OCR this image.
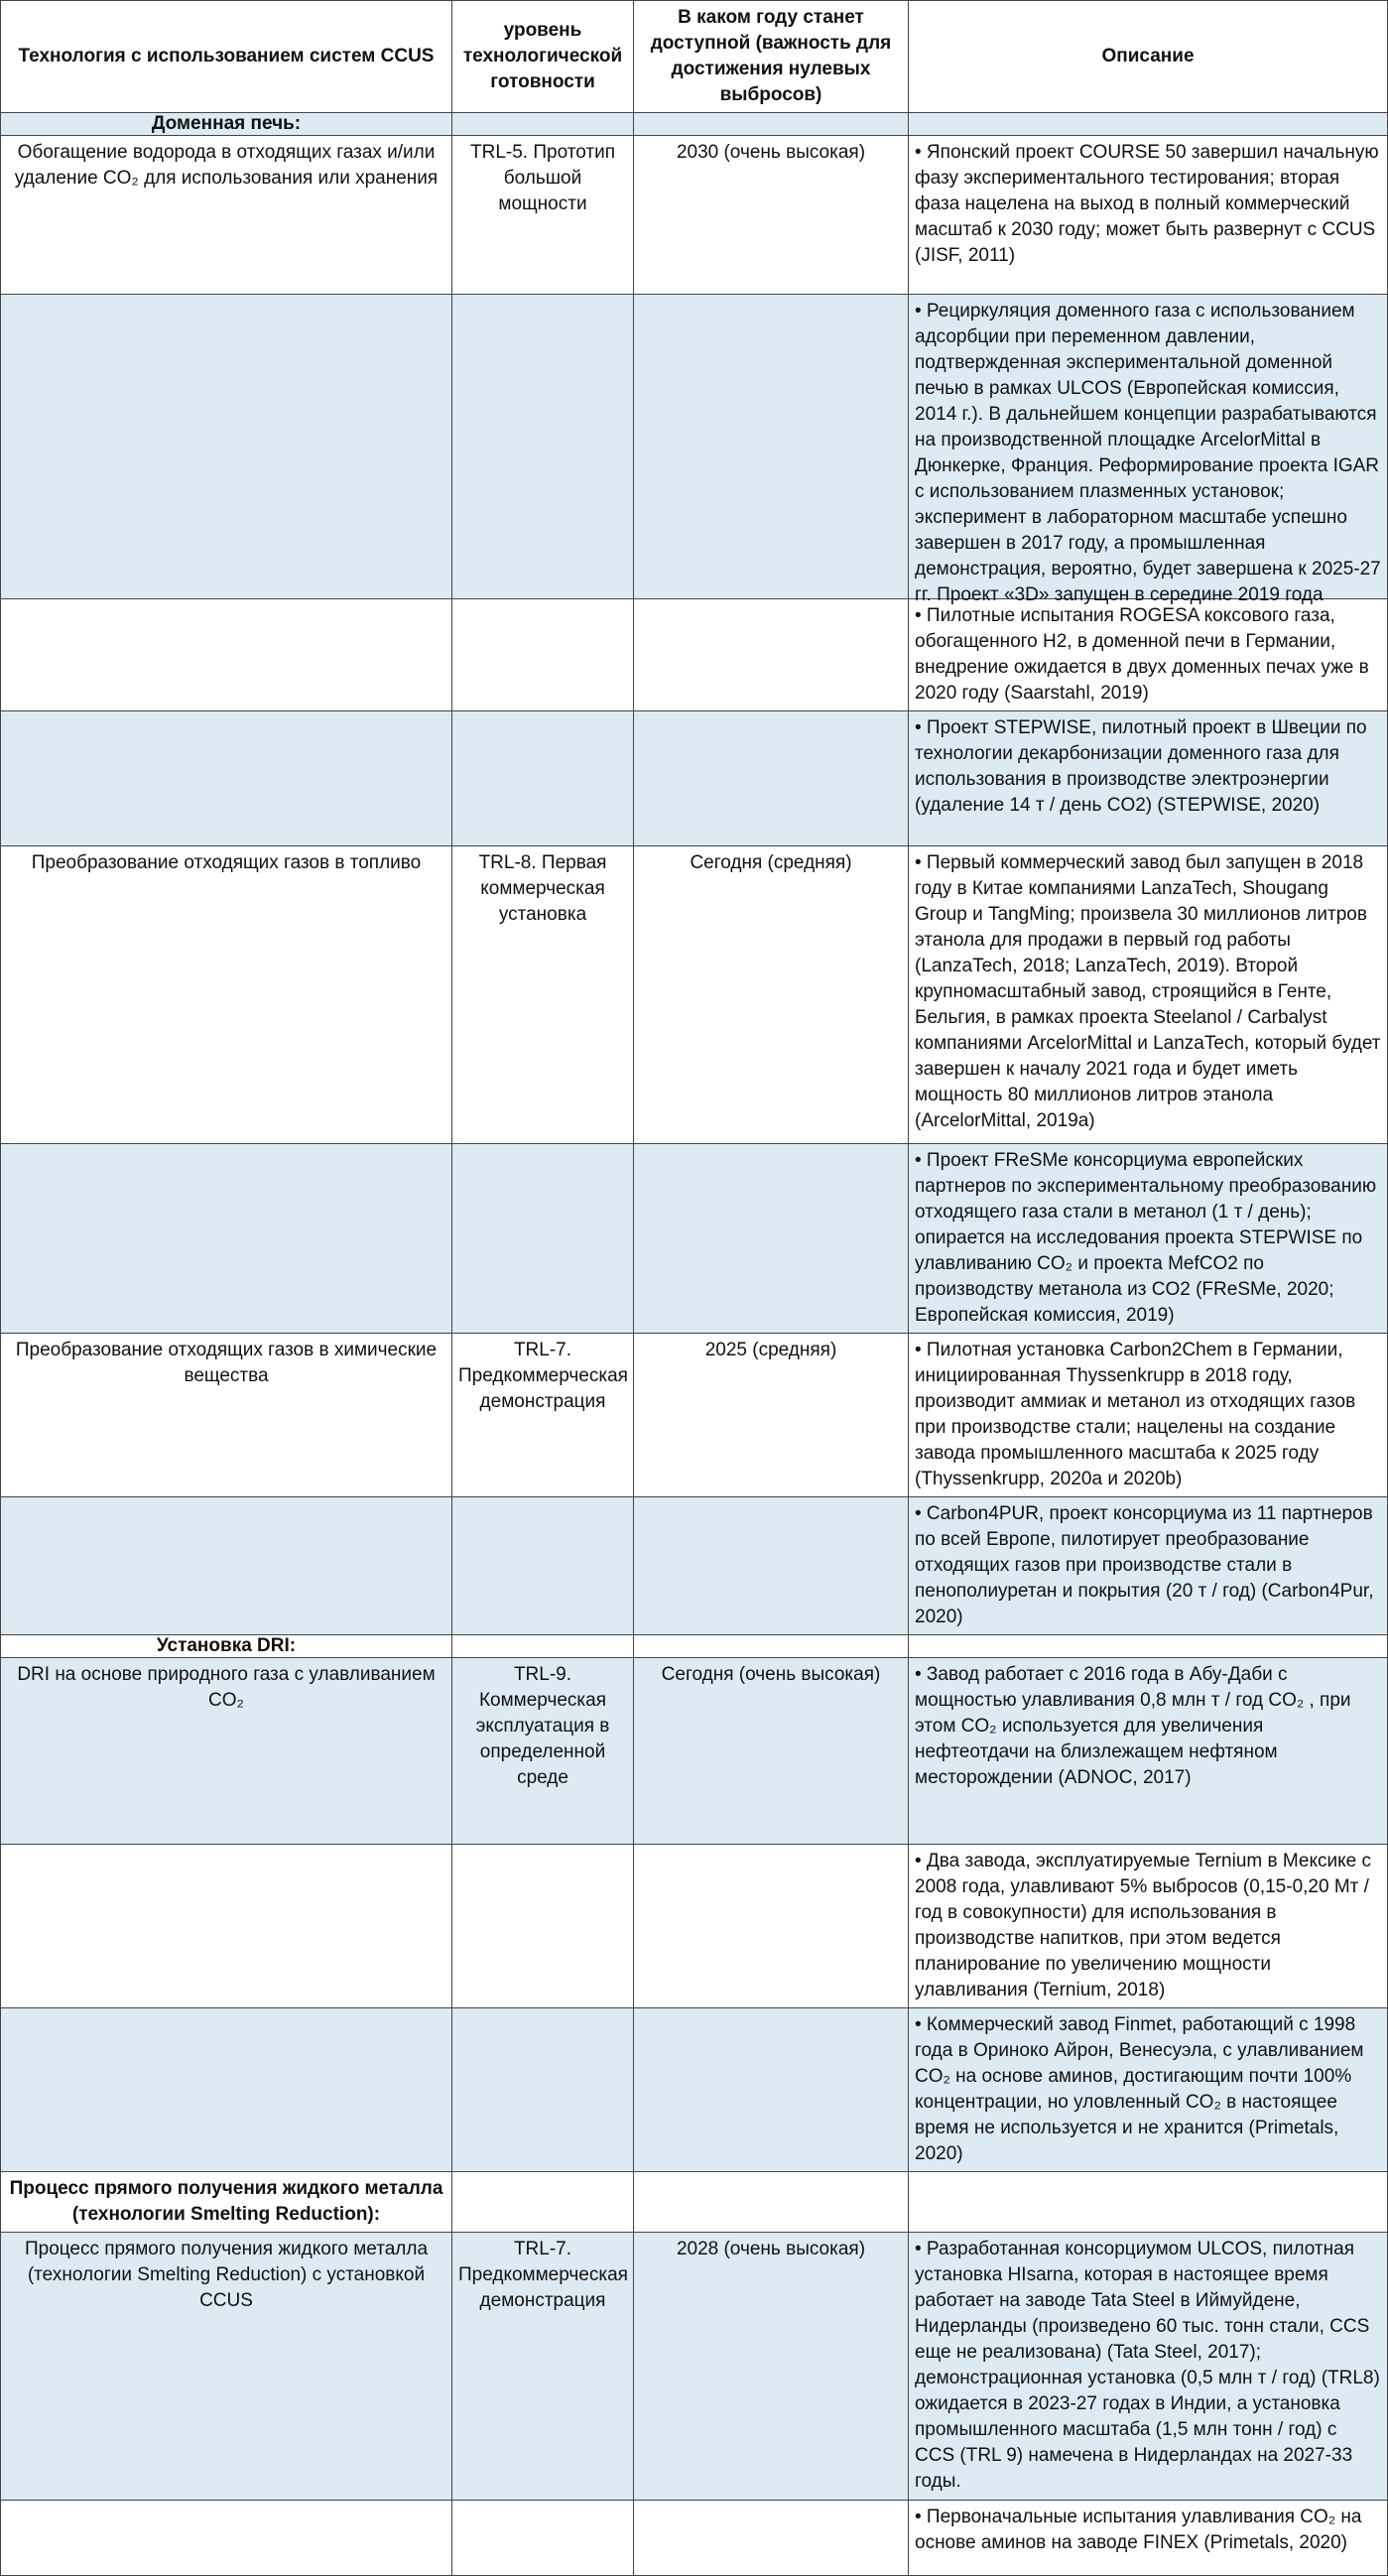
Технология с использованием систем CCUS	уровень технологической готовности	В каком году станет доступной (важность для достижения нулевых выбросов)	Описание
Доменная печь:			
Обогащение водорода в отходящих газах и/или удаление CO₂ для использования или хранения	TRL-5. Прототип большой мощности	2030 (очень высокая)	• Японский проект COURSE 50 завершил начальную фазу экспериментального тестирования; вторая фаза нацелена на выход в полный коммерческий масштаб к 2030 году; может быть развернут с CCUS (JISF, 2011)

			• Рециркуляция доменного газа с использованием адсорбции при переменном давлении, подтвержденная экспериментальной доменной печью в рамках ULCOS (Европейская комиссия, 2014 г.). В дальнейшем концепции разрабатываются на производственной площадке ArcelorMittal в Дюнкерке, Франция. Реформирование проекта IGAR с использованием плазменных установок; эксперимент в лабораторном масштабе успешно завершен в 2017 году, а промышленная демонстрация, вероятно, будет завершена к 2025-27 гг. Проект «3D» запущен в середине 2019 года

			• Пилотные испытания ROGESA коксового газа, обогащенного H2, в доменной печи в Германии, внедрение ожидается в двух доменных печах уже в 2020 году (Saarstahl, 2019)
			• Проект STEPWISE, пилотный проект в Швеции по технологии декарбонизации доменного газа для использования в производстве электроэнергии (удаление 14 т / день CO2) (STEPWISE, 2020)
Преобразование отходящих газов в топливо	TRL-8. Первая коммерческая установка	Сегодня (средняя)	• Первый коммерческий завод был запущен в 2018 году в Китае компаниями LanzaTech, Shougang Group и TangMing; произвела 30 миллионов литров этанола для продажи в первый год работы (LanzaTech, 2018; LanzaTech, 2019). Второй крупномасштабный завод, строящийся в Генте, Бельгия, в рамках проекта Steelanol / Carbalyst компаниями ArcelorMittal и LanzaTech, который будет завершен к началу 2021 года и будет иметь мощность 80 миллионов литров этанола (ArcelorMittal, 2019a)
			• Проект FReSMe консорциума европейских партнеров по экспериментальному преобразованию отходящего газа стали в метанол (1 т / день); опирается на исследования проекта STEPWISE по улавливанию CO₂ и проекта MefCO2 по производству метанола из CO2 (FReSMe, 2020; Европейская комиссия, 2019)
Преобразование отходящих газов в химические вещества	TRL-7. Предкоммерческая демонстрация	2025 (средняя)	• Пилотная установка Carbon2Chem в Германии, инициированная Thyssenkrupp в 2018 году, производит аммиак и метанол из отходящих газов при производстве стали; нацелены на создание завода промышленного масштаба к 2025 году (Thyssenkrupp, 2020a и 2020b)
			• Carbon4PUR, проект консорциума из 11 партнеров по всей Европе, пилотирует преобразование отходящих газов при производстве стали в пенополиуретан и покрытия (20 т / год) (Carbon4Pur, 2020)
Установка DRI:			
DRI на основе природного газа с улавливанием CO₂	TRL-9. Коммерческая эксплуатация в определенной среде	Сегодня (очень высокая)	• Завод работает с 2016 года в Абу-Даби с мощностью улавливания 0,8 млн т / год CO₂ , при этом CO₂ используется для увеличения нефтеотдачи на близлежащем нефтяном месторождении (ADNOC, 2017)
			• Два завода, эксплуатируемые Ternium в Мексике с 2008 года, улавливают 5% выбросов (0,15-0,20 Мт / год в совокупности) для использования в производстве напитков, при этом ведется планирование по увеличению мощности улавливания (Ternium, 2018)
			• Коммерческий завод Finmet, работающий с 1998 года в Ориноко Айрон, Венесуэла, с улавливанием CO₂ на основе аминов, достигающим почти 100% концентрации, но уловленный CO₂ в настоящее время не используется и не хранится (Primetals, 2020)
Процесс прямого получения жидкого металла (технологии Smelting Reduction):			
Процесс прямого получения жидкого металла (технологии Smelting Reduction) с установкой CCUS	TRL-7. Предкоммерческая демонстрация	2028 (очень высокая)	• Разработанная консорциумом ULCOS, пилотная установка HIsarna, которая в настоящее время работает на заводе Tata Steel в Иймуйдене, Нидерланды (произведено 60 тыс. тонн стали, CCS еще не реализована) (Tata Steel, 2017); демонстрационная установка (0,5 млн т / год) (TRL8) ожидается в 2023-27 годах в Индии, а установка промышленного масштаба (1,5 млн тонн / год) с CCS (TRL 9) намечена в Нидерландах на 2027-33 годы.
			• Первоначальные испытания улавливания CO₂ на основе аминов на заводе FINEX (Primetals, 2020)
